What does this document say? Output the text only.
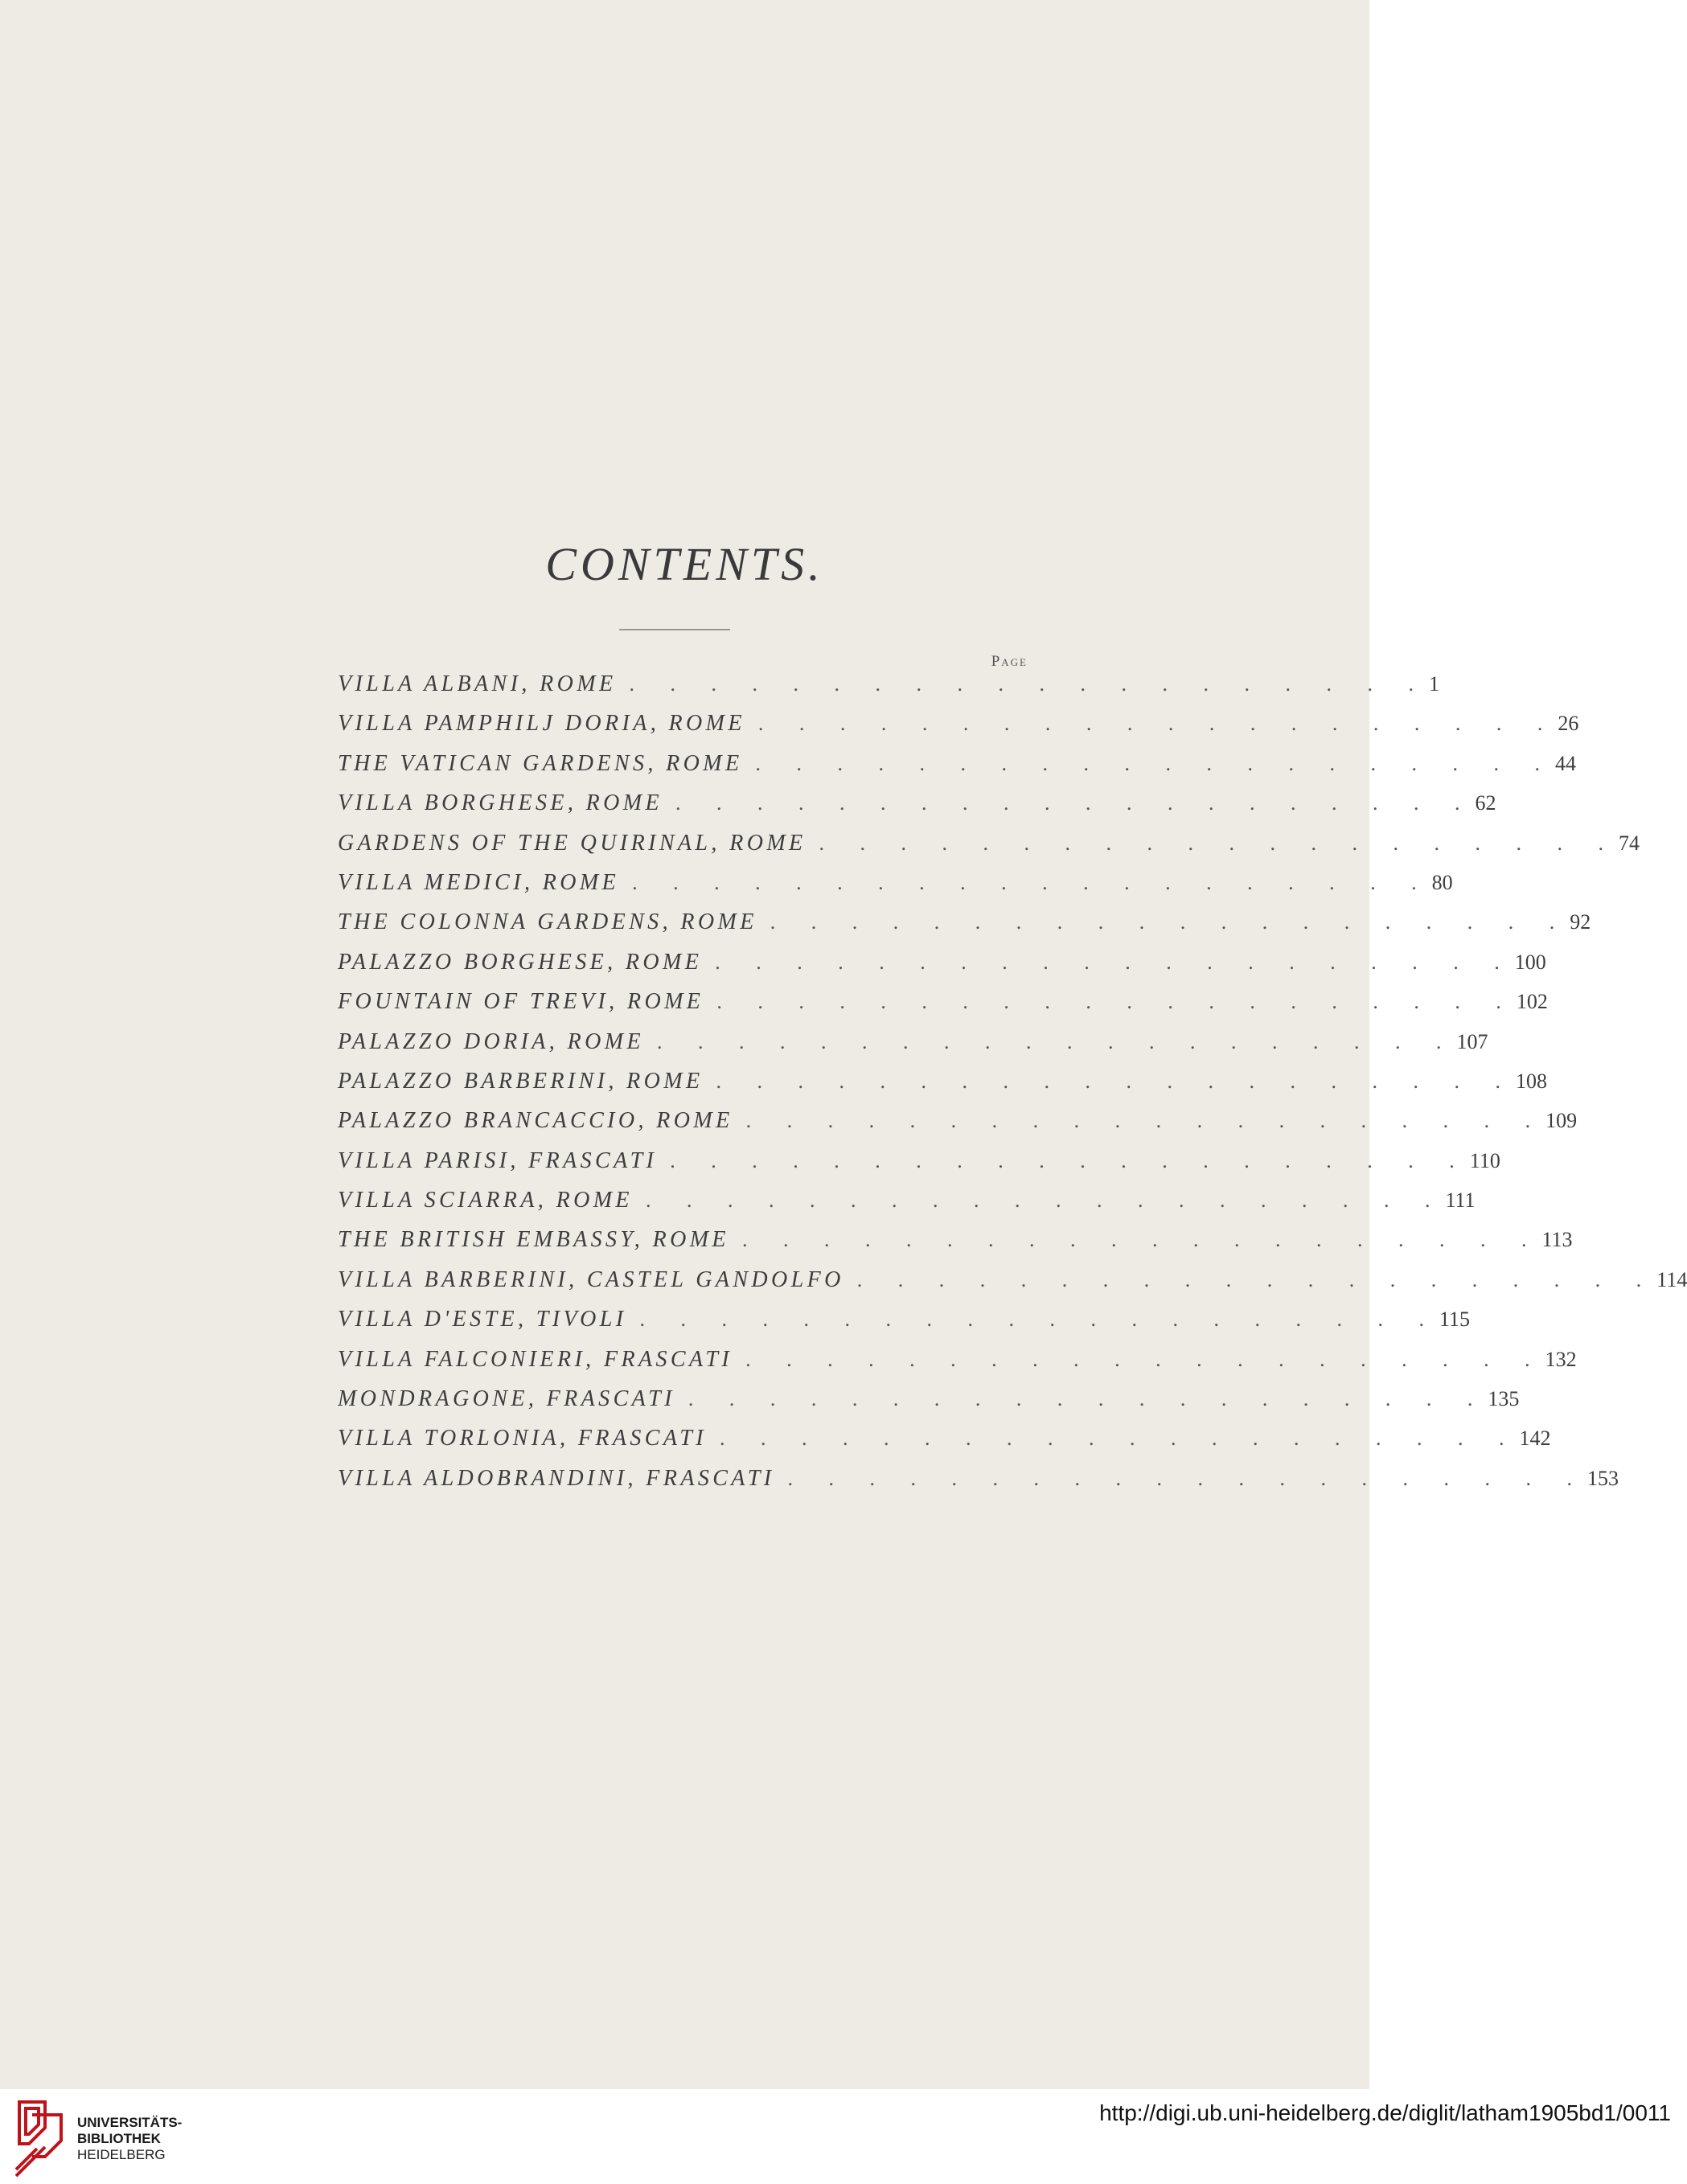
CONTENTS.
Page
VILLA ALBANI, ROME . . . . . . . . . . . . . . . . . . . . 1
VILLA PAMPHILJ DORIA, ROME . . . . . . . . . . . . . . . . . . . . 26
THE VATICAN GARDENS, ROME . . . . . . . . . . . . . . . . . . . . 44
VILLA BORGHESE, ROME . . . . . . . . . . . . . . . . . . . . 62
GARDENS OF THE QUIRINAL, ROME . . . . . . . . . . . . . . . . . . . . 74
VILLA MEDICI, ROME . . . . . . . . . . . . . . . . . . . . 80
THE COLONNA GARDENS, ROME . . . . . . . . . . . . . . . . . . . . 92
PALAZZO BORGHESE, ROME . . . . . . . . . . . . . . . . . . . . 100
FOUNTAIN OF TREVI, ROME . . . . . . . . . . . . . . . . . . . . 102
PALAZZO DORIA, ROME . . . . . . . . . . . . . . . . . . . . 107
PALAZZO BARBERINI, ROME . . . . . . . . . . . . . . . . . . . . 108
PALAZZO BRANCACCIO, ROME . . . . . . . . . . . . . . . . . . . . 109
VILLA PARISI, FRASCATI . . . . . . . . . . . . . . . . . . . . 110
VILLA SCIARRA, ROME . . . . . . . . . . . . . . . . . . . . 111
THE BRITISH EMBASSY, ROME . . . . . . . . . . . . . . . . . . . . 113
VILLA BARBERINI, CASTEL GANDOLFO . . . . . . . . . . . . . . . . . . . . 114
VILLA D'ESTE, TIVOLI . . . . . . . . . . . . . . . . . . . . 115
VILLA FALCONIERI, FRASCATI . . . . . . . . . . . . . . . . . . . . 132
MONDRAGONE, FRASCATI . . . . . . . . . . . . . . . . . . . . 135
VILLA TORLONIA, FRASCATI . . . . . . . . . . . . . . . . . . . . 142
VILLA ALDOBRANDINI, FRASCATI . . . . . . . . . . . . . . . . . . . . 153
UNIVERSITÄTS-
BIBLIOTHEK
HEIDELBERG
http://digi.ub.uni-heidelberg.de/diglit/latham1905bd1/0011
